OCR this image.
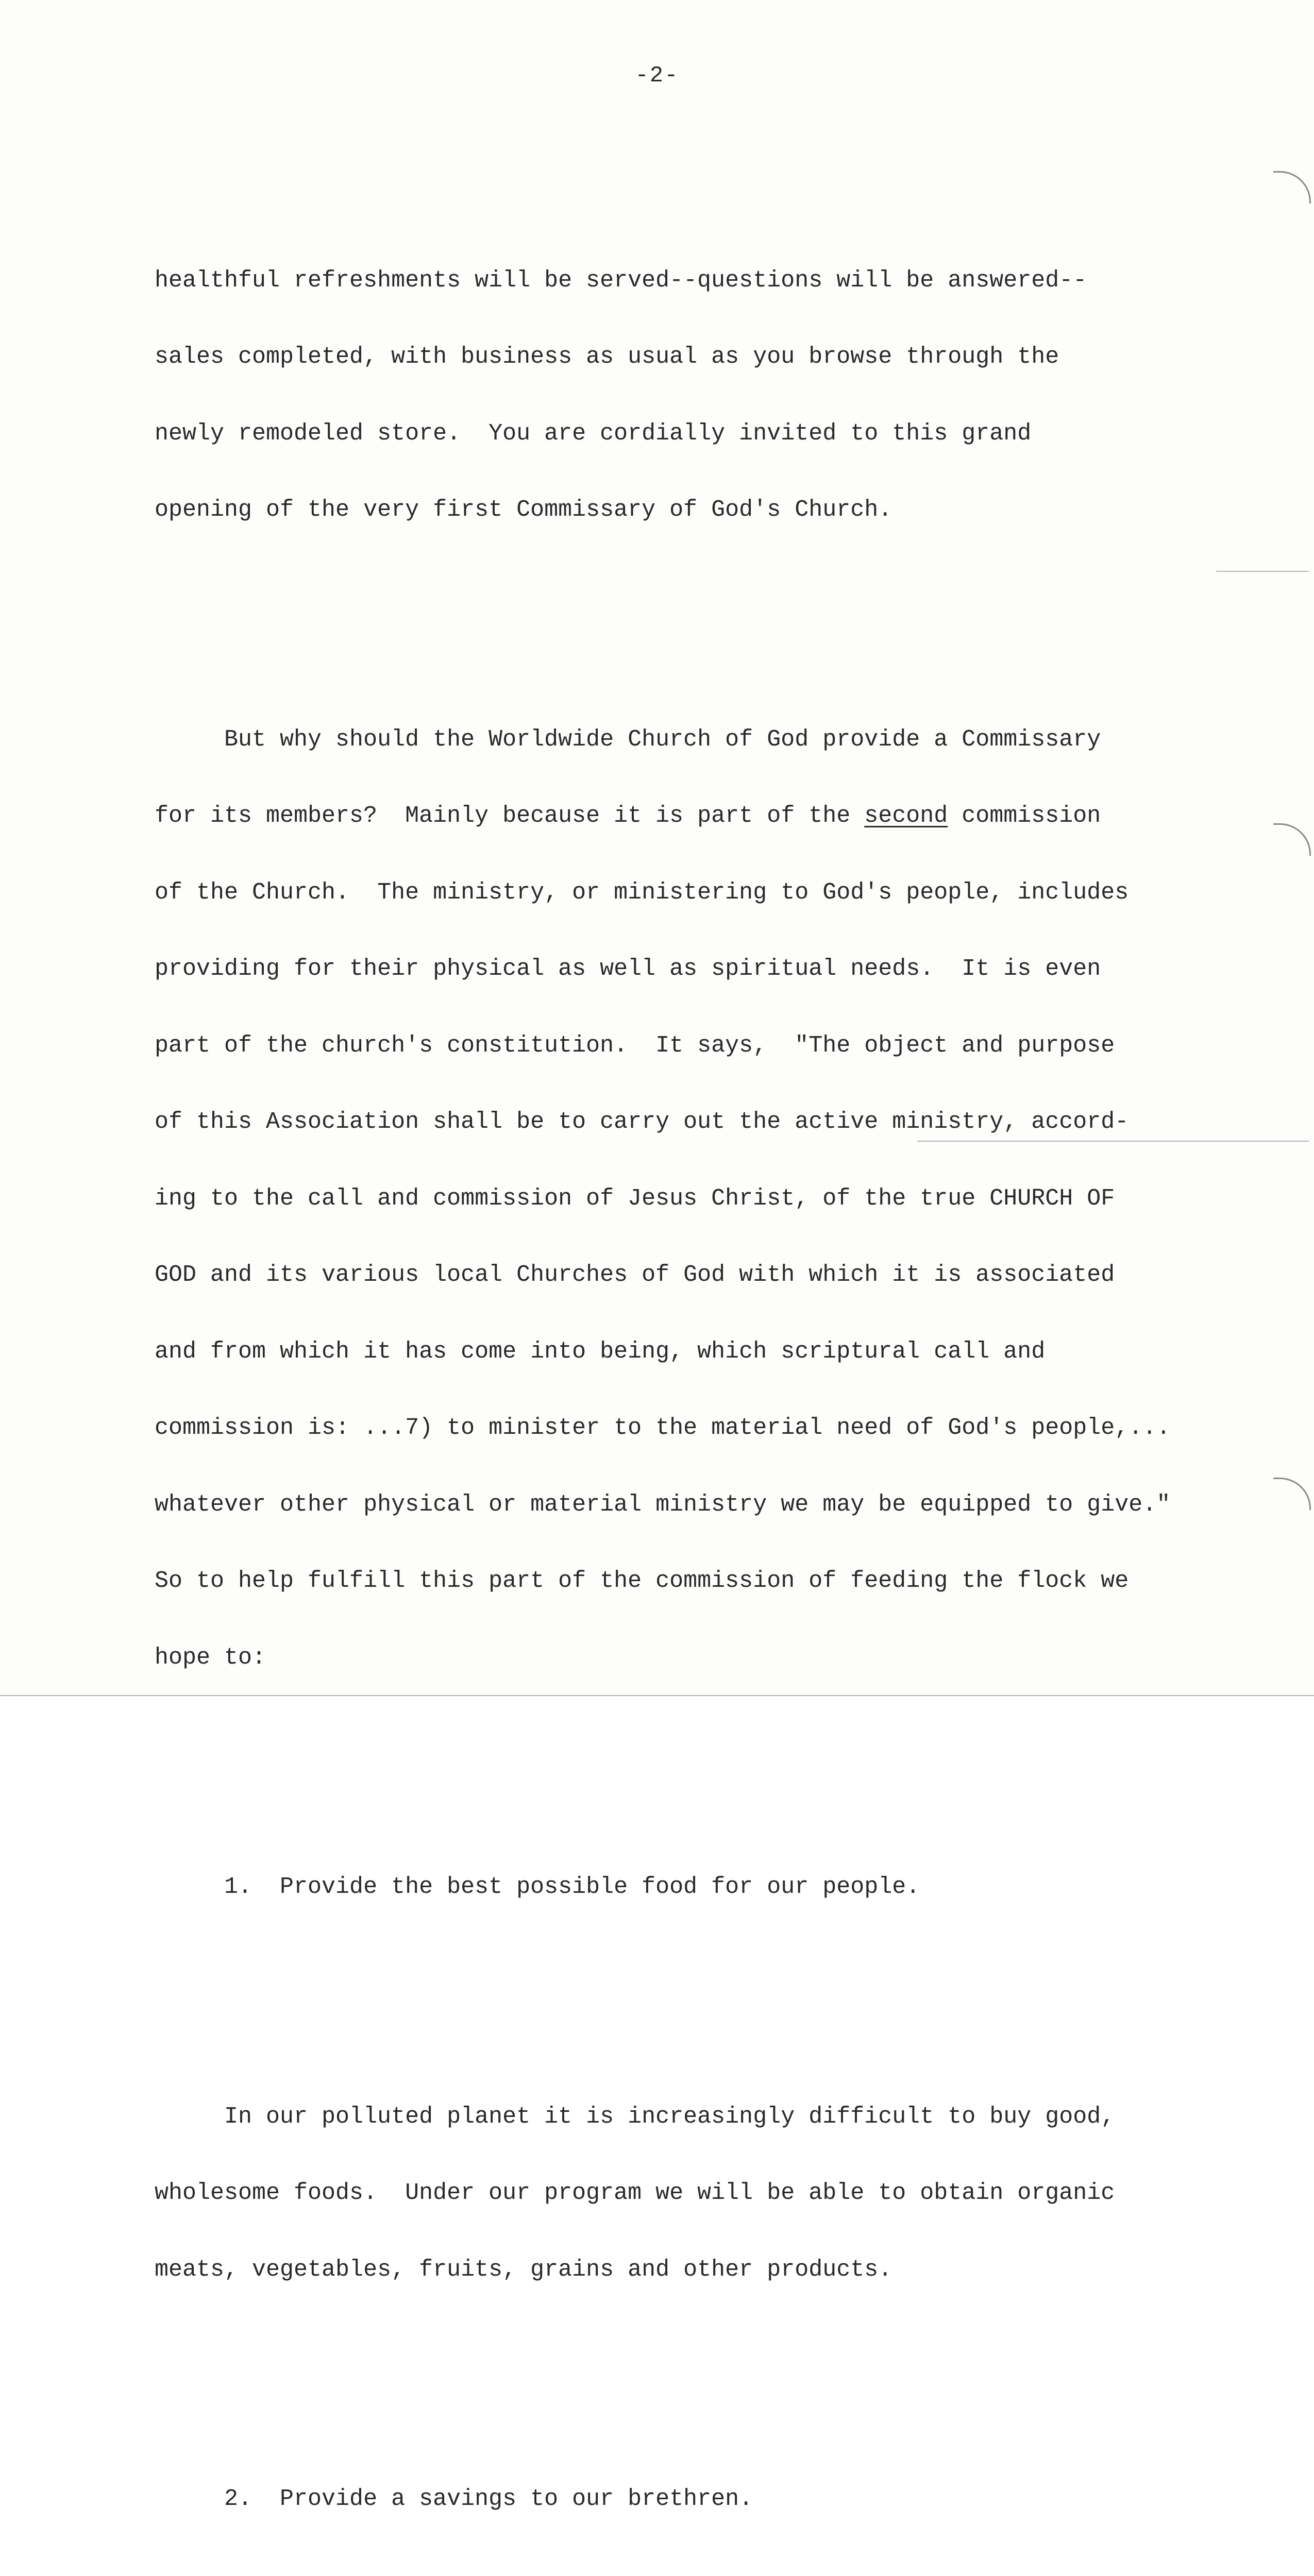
-2-

healthful refreshments will be served--questions will be answered--

sales completed, with business as usual as you browse through the

newly remodeled store.  You are cordially invited to this grand

opening of the very first Commissary of God's Church.

But why should the Worldwide Church of God provide a Commissary

for its members?  Mainly because it is part of the second commission

of the Church.  The ministry, or ministering to God's people, includes

providing for their physical as well as spiritual needs.  It is even

part of the church's constitution.  It says,  "The object and purpose

of this Association shall be to carry out the active ministry, accord-

ing to the call and commission of Jesus Christ, of the true CHURCH OF

GOD and its various local Churches of God with which it is associated

and from which it has come into being, which scriptural call and

commission is: ...7) to minister to the material need of God's people,...

whatever other physical or material ministry we may be equipped to give."

So to help fulfill this part of the commission of feeding the flock we

hope to:

1.  Provide the best possible food for our people.

In our polluted planet it is increasingly difficult to buy good,

wholesome foods.  Under our program we will be able to obtain organic

meats, vegetables, fruits, grains and other products.

2.  Provide a savings to our brethren.
